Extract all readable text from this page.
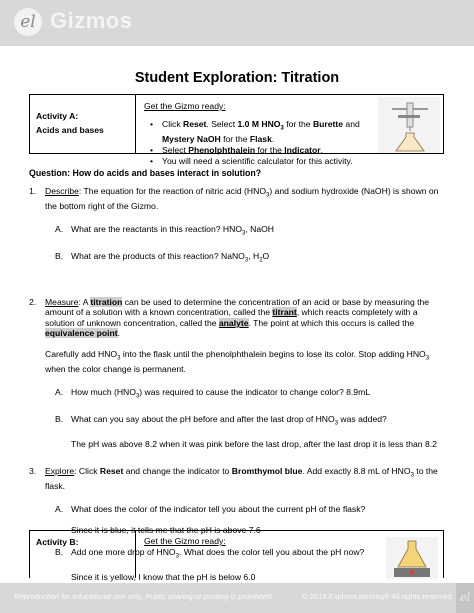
el Gizmos
Student Exploration: Titration
Activity A:
Acids and bases
Get the Gizmo ready:
• Click Reset. Select 1.0 M $HNO_3$ for the Burette and Mystery NaOH for the Flask.
• Select Phenolphthalein for the Indicator.
• You will need a scientific calculator for this activity.
Question: How do acids and bases interact in solution?
1. Describe: The equation for the reaction of nitric acid $(HNO_3)$ and sodium hydroxide (NaOH) is shown on the bottom right of the Gizmo.
A. What are the reactants in this reaction? $HNO_3$, NaOH
B. What are the products of this reaction? NaNO$_3$, $H_2O$
2. Measure: A titration can be used to determine the concentration of an acid or base by measuring the amount of a solution with a known concentration, called the titrant, which reacts completely with a solution of unknown concentration, called the analyte. The point at which this occurs is called the equivalence point.
Carefully add $HNO_3$ into the flask until the phenolphthalein begins to lose its color. Stop adding $HNO_3$ when the color change is permanent.
A. How much $(HNO_3)$ was required to cause the indicator to change color? 8.9mL
B. What can you say about the pH before and after the last drop of $HNO_3$ was added?
The pH was above 8.2 when it was pink before the last drop, after the last drop it is less than 8.2
3. Explore: Click Reset and change the indicator to Bromthymol blue. Add exactly 8.8 mL of $HNO_3$ to the flask.
A. What does the color of the indicator tell you about the current pH of the flask?
Since it is blue, it tells me that the pH is above 7.6
B. Add one more drop of $HNO_3$. What does the color tell you about the pH now?
Since it is yellow, I know that the pH is below 6.0
Activity B:	Get the Gizmo ready:
Reproduction for educational use only. Public sharing or posting is prohibited.	© 2019 ExploreLearning® All rights reserved el
